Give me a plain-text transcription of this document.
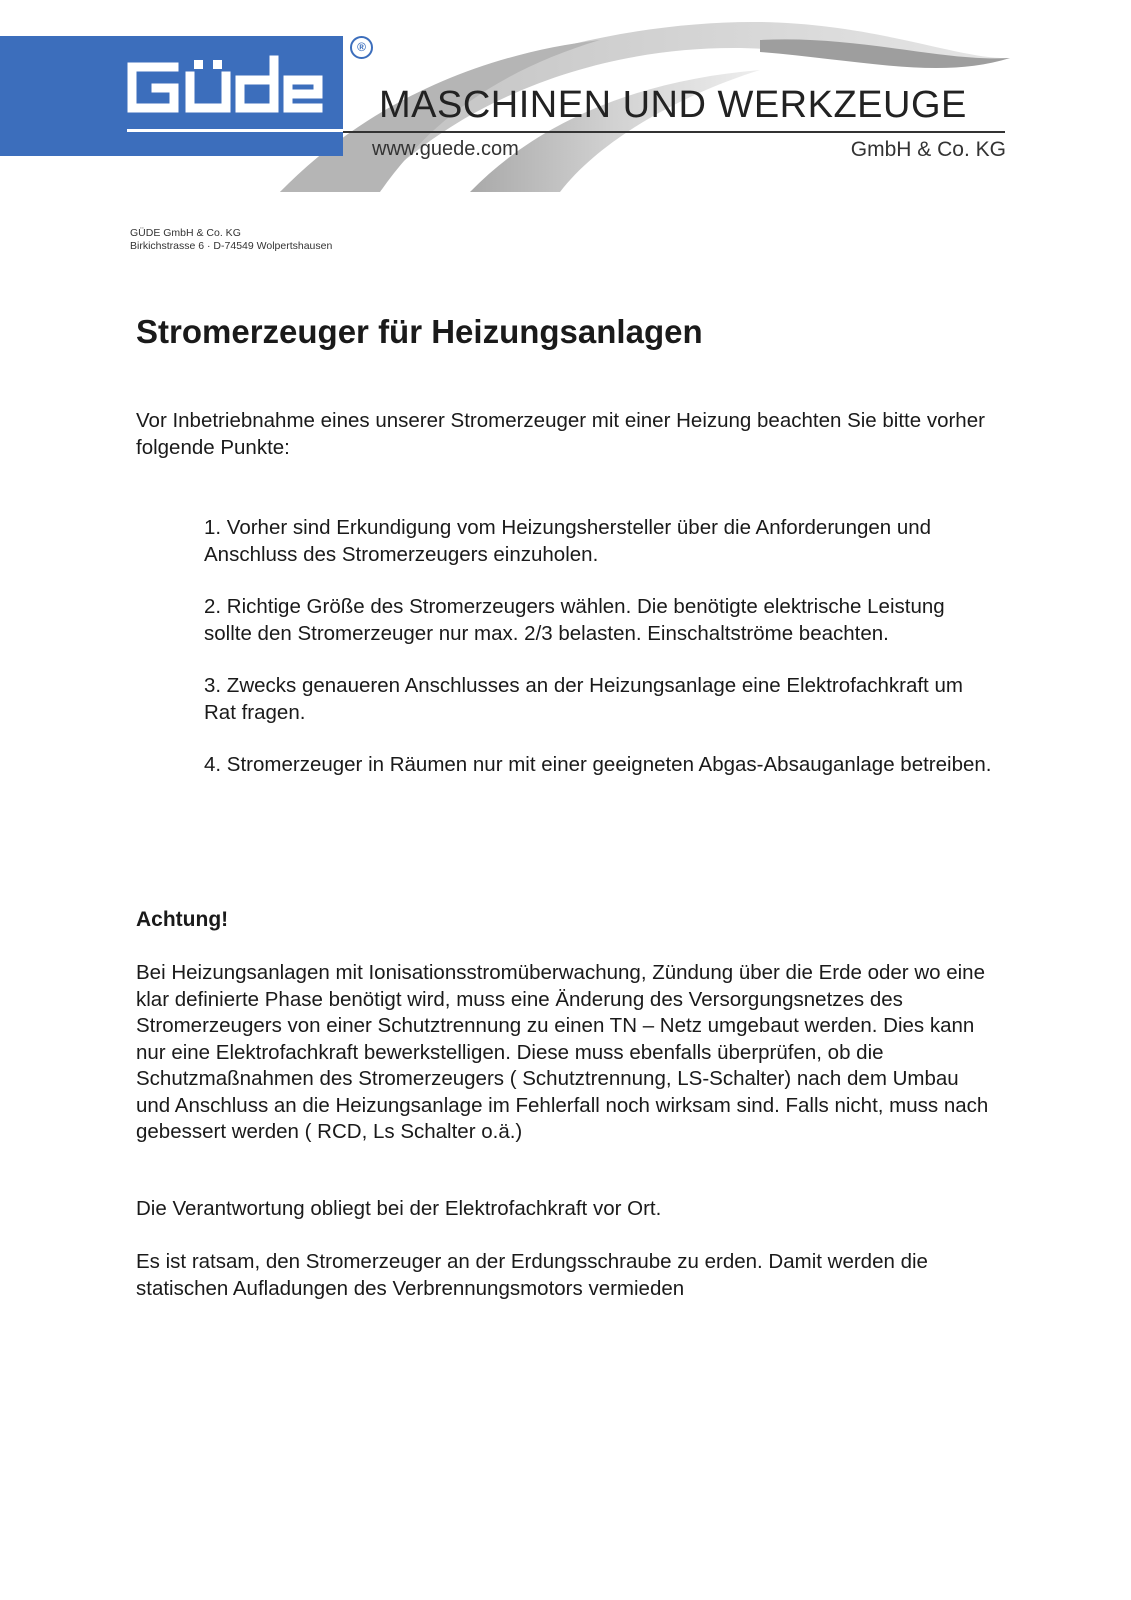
®
MASCHINEN UND WERKZEUGE
www.guede.com	GmbH & Co. KG
GÜDE GmbH & Co. KG
Birkichstrasse 6 · D-74549 Wolpertshausen
Stromerzeuger für Heizungsanlagen

Vor Inbetriebnahme eines unserer Stromerzeuger mit einer Heizung beachten Sie bitte vorher folgende Punkte:

1. Vorher sind Erkundigung vom Heizungshersteller über die Anforderungen und Anschluss des Stromerzeugers einzuholen.
2. Richtige Größe des Stromerzeugers wählen. Die benötigte elektrische Leistung sollte den Stromerzeuger nur max. 2/3 belasten. Einschaltströme beachten.
3. Zwecks genaueren Anschlusses an der Heizungsanlage eine Elektrofachkraft um Rat fragen.
4. Stromerzeuger in Räumen nur mit einer geeigneten Abgas-Absauganlage betreiben.
Achtung!

Bei Heizungsanlagen mit Ionisationsstromüberwachung, Zündung über die Erde oder wo eine klar definierte Phase benötigt wird, muss eine Änderung des Versorgungsnetzes des Stromerzeugers von einer Schutztrennung zu einen TN – Netz umgebaut werden. Dies kann nur eine Elektrofachkraft bewerkstelligen. Diese muss ebenfalls überprüfen, ob die Schutzmaßnahmen des Stromerzeugers ( Schutztrennung, LS-Schalter) nach dem Umbau und Anschluss an die Heizungsanlage im Fehlerfall noch wirksam sind. Falls nicht, muss nach gebessert werden ( RCD, Ls Schalter o.ä.)

Die Verantwortung obliegt bei der Elektrofachkraft vor Ort.

Es ist ratsam, den Stromerzeuger an der Erdungsschraube zu erden. Damit werden die statischen Aufladungen des Verbrennungsmotors vermieden
